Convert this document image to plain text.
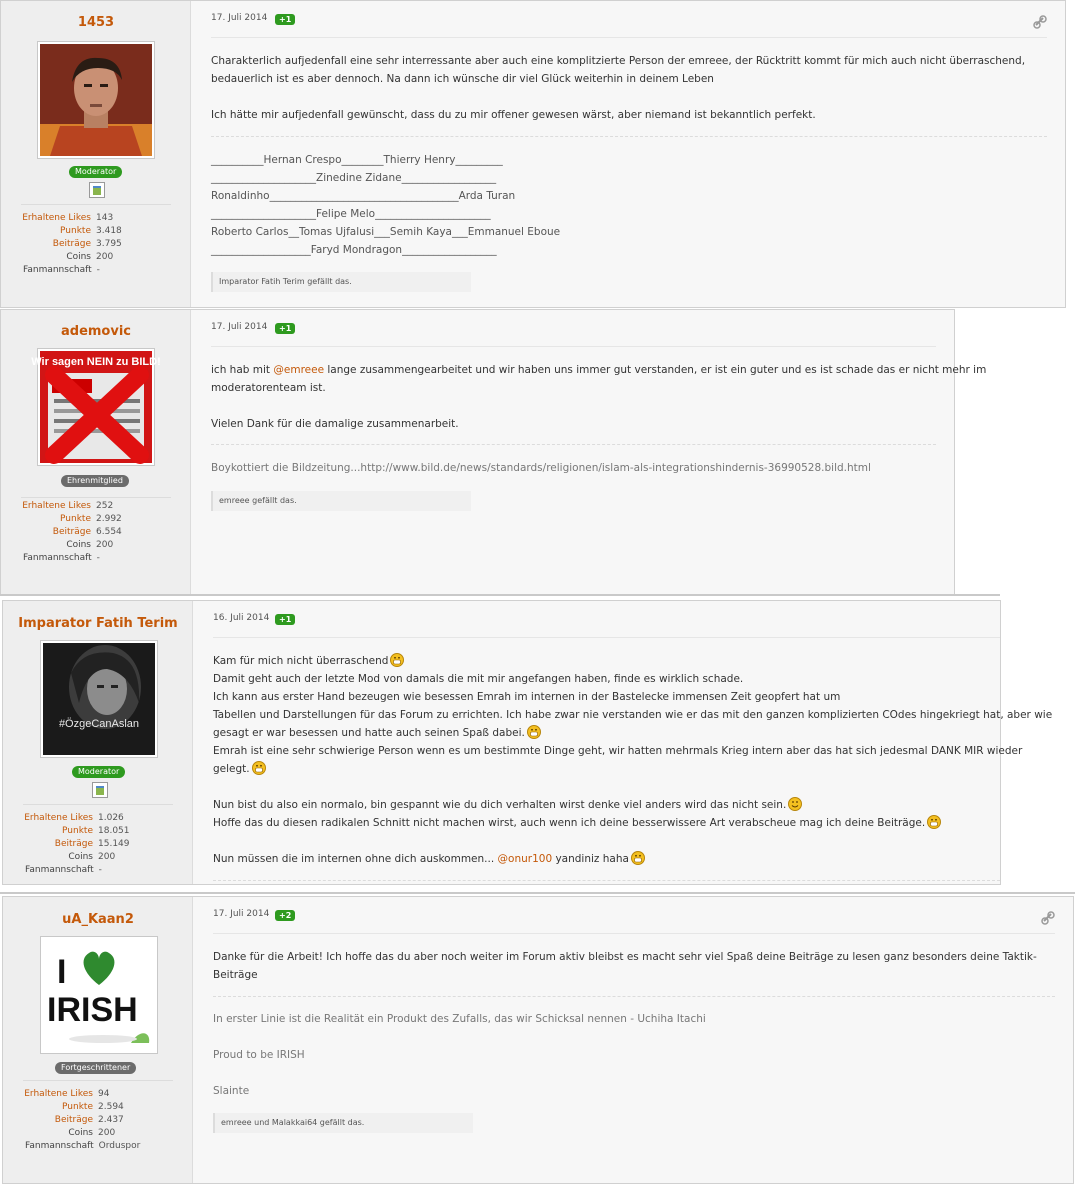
1453
Moderator
Erhaltene Likes 143
Punkte 3.418
Beiträge 3.795
Coins 200
Fanmannschaft -
17. Juli 2014	+1
Charakterlich aufjedenfall eine sehr interressante aber auch eine komplitzierte Person der emreee, der Rücktritt kommt für mich auch nicht überraschend,
bedauerlich ist es aber dennoch. Na dann ich wünsche dir viel Glück weiterhin in deinem Leben
Ich hätte mir aufjedenfall gewünscht, dass du zu mir offener gewesen wärst, aber niemand ist bekanntlich perfekt.
__________Hernan Crespo________Thierry Henry_________
____________________Zinedine Zidane__________________
Ronaldinho____________________________________Arda Turan
____________________Felipe Melo______________________
Roberto Carlos__Tomas Ujfalusi___Semih Kaya___Emmanuel Eboue
___________________Faryd Mondragon__________________
Imparator Fatih Terim gefällt das.
ademovic
Wir sagen NEIN zu BILD!
Ehrenmitglied
Erhaltene Likes 252
Punkte 2.992
Beiträge 6.554
Coins 200
Fanmannschaft -
17. Juli 2014	+1
ich hab mit @emreee lange zusammengearbeitet und wir haben uns immer gut verstanden, er ist ein guter und es ist schade das er nicht mehr im
moderatorenteam ist.
Vielen Dank für die damalige zusammenarbeit.
Boykottiert die Bildzeitung...http://www.bild.de/news/standards/religionen/islam-als-integrationshindernis-36990528.bild.html
emreee gefällt das.
Imparator Fatih Terim
#ÖzgeCanAslan
Moderator
Erhaltene Likes 1.026
Punkte 18.051
Beiträge 15.149
Coins 200
Fanmannschaft -
16. Juli 2014	+1
Kam für mich nicht überraschend
Damit geht auch der letzte Mod von damals die mit mir angefangen haben, finde es wirklich schade.
Ich kann aus erster Hand bezeugen wie besessen Emrah im internen in der Bastelecke immensen Zeit geopfert hat um
Tabellen und Darstellungen für das Forum zu errichten. Ich habe zwar nie verstanden wie er das mit den ganzen komplizierten COdes hingekriegt hat, aber wie
gesagt er war besessen und hatte auch seinen Spaß dabei.
Emrah ist eine sehr schwierige Person wenn es um bestimmte Dinge geht, wir hatten mehrmals Krieg intern aber das hat sich jedesmal DANK MIR wieder
gelegt.
Nun bist du also ein normalo, bin gespannt wie du dich verhalten wirst denke viel anders wird das nicht sein.
Hoffe das du diesen radikalen Schnitt nicht machen wirst, auch wenn ich deine besserwissere Art verabscheue mag ich deine Beiträge.
Nun müssen die im internen ohne dich auskommen... @onur100 yandiniz haha
uA_Kaan2
I
IRISH
I IRISH
Fortgeschrittener
Erhaltene Likes 94
Punkte 2.594
Beiträge 2.437
Coins 200
Fanmannschaft Orduspor
17. Juli 2014	+2
Danke für die Arbeit! Ich hoffe das du aber noch weiter im Forum aktiv bleibst es macht sehr viel Spaß deine Beiträge zu lesen ganz besonders deine Taktik-Beiträge
In erster Linie ist die Realität ein Produkt des Zufalls, das wir Schicksal nennen - Uchiha Itachi
Proud to be IRISH
Slainte
emreee und Malakkai64 gefällt das.
